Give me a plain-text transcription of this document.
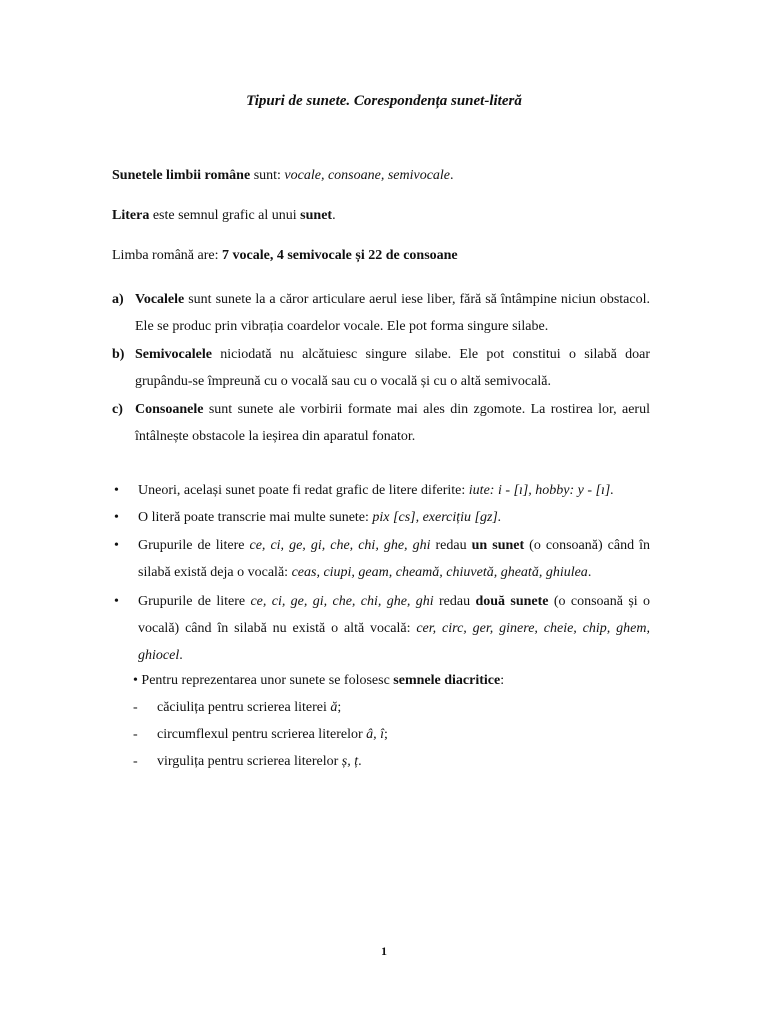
Tipuri de sunete. Corespondența sunet-literă
Sunetele limbii române sunt: vocale, consoane, semivocale.
Litera este semnul grafic al unui sunet.
Limba română are: 7 vocale, 4 semivocale și 22 de consoane
a) Vocalele sunt sunete la a căror articulare aerul iese liber, fără să întâmpine niciun obstacol. Ele se produc prin vibrația coardelor vocale. Ele pot forma singure silabe.
b) Semivocalele niciodată nu alcătuiesc singure silabe. Ele pot constitui o silabă doar grupându-se împreună cu o vocală sau cu o vocală și cu o altă semivocală.
c) Consoanele sunt sunete ale vorbirii formate mai ales din zgomote. La rostirea lor, aerul întâlnește obstacole la ieșirea din aparatul fonator.
• Uneori, același sunet poate fi redat grafic de litere diferite: iute: i - [ı], hobby: y - [ı].
• O literă poate transcrie mai multe sunete: pix [cs], exercițiu [gz].
• Grupurile de litere ce, ci, ge, gi, che, chi, ghe, ghi redau un sunet (o consoană) când în silabă există deja o vocală: ceas, ciupi, geam, cheamă, chiuvetă, gheată, ghiulea.
• Grupurile de litere ce, ci, ge, gi, che, chi, ghe, ghi redau două sunete (o consoană și o vocală) când în silabă nu există o altă vocală: cer, circ, ger, ginere, cheie, chip, ghem, ghiocel.
• Pentru reprezentarea unor sunete se folosesc semnele diacritice:
- căciulița pentru scrierea literei ă;
- circumflexul pentru scrierea literelor â, î;
- virgulița pentru scrierea literelor ș, ț.
1
